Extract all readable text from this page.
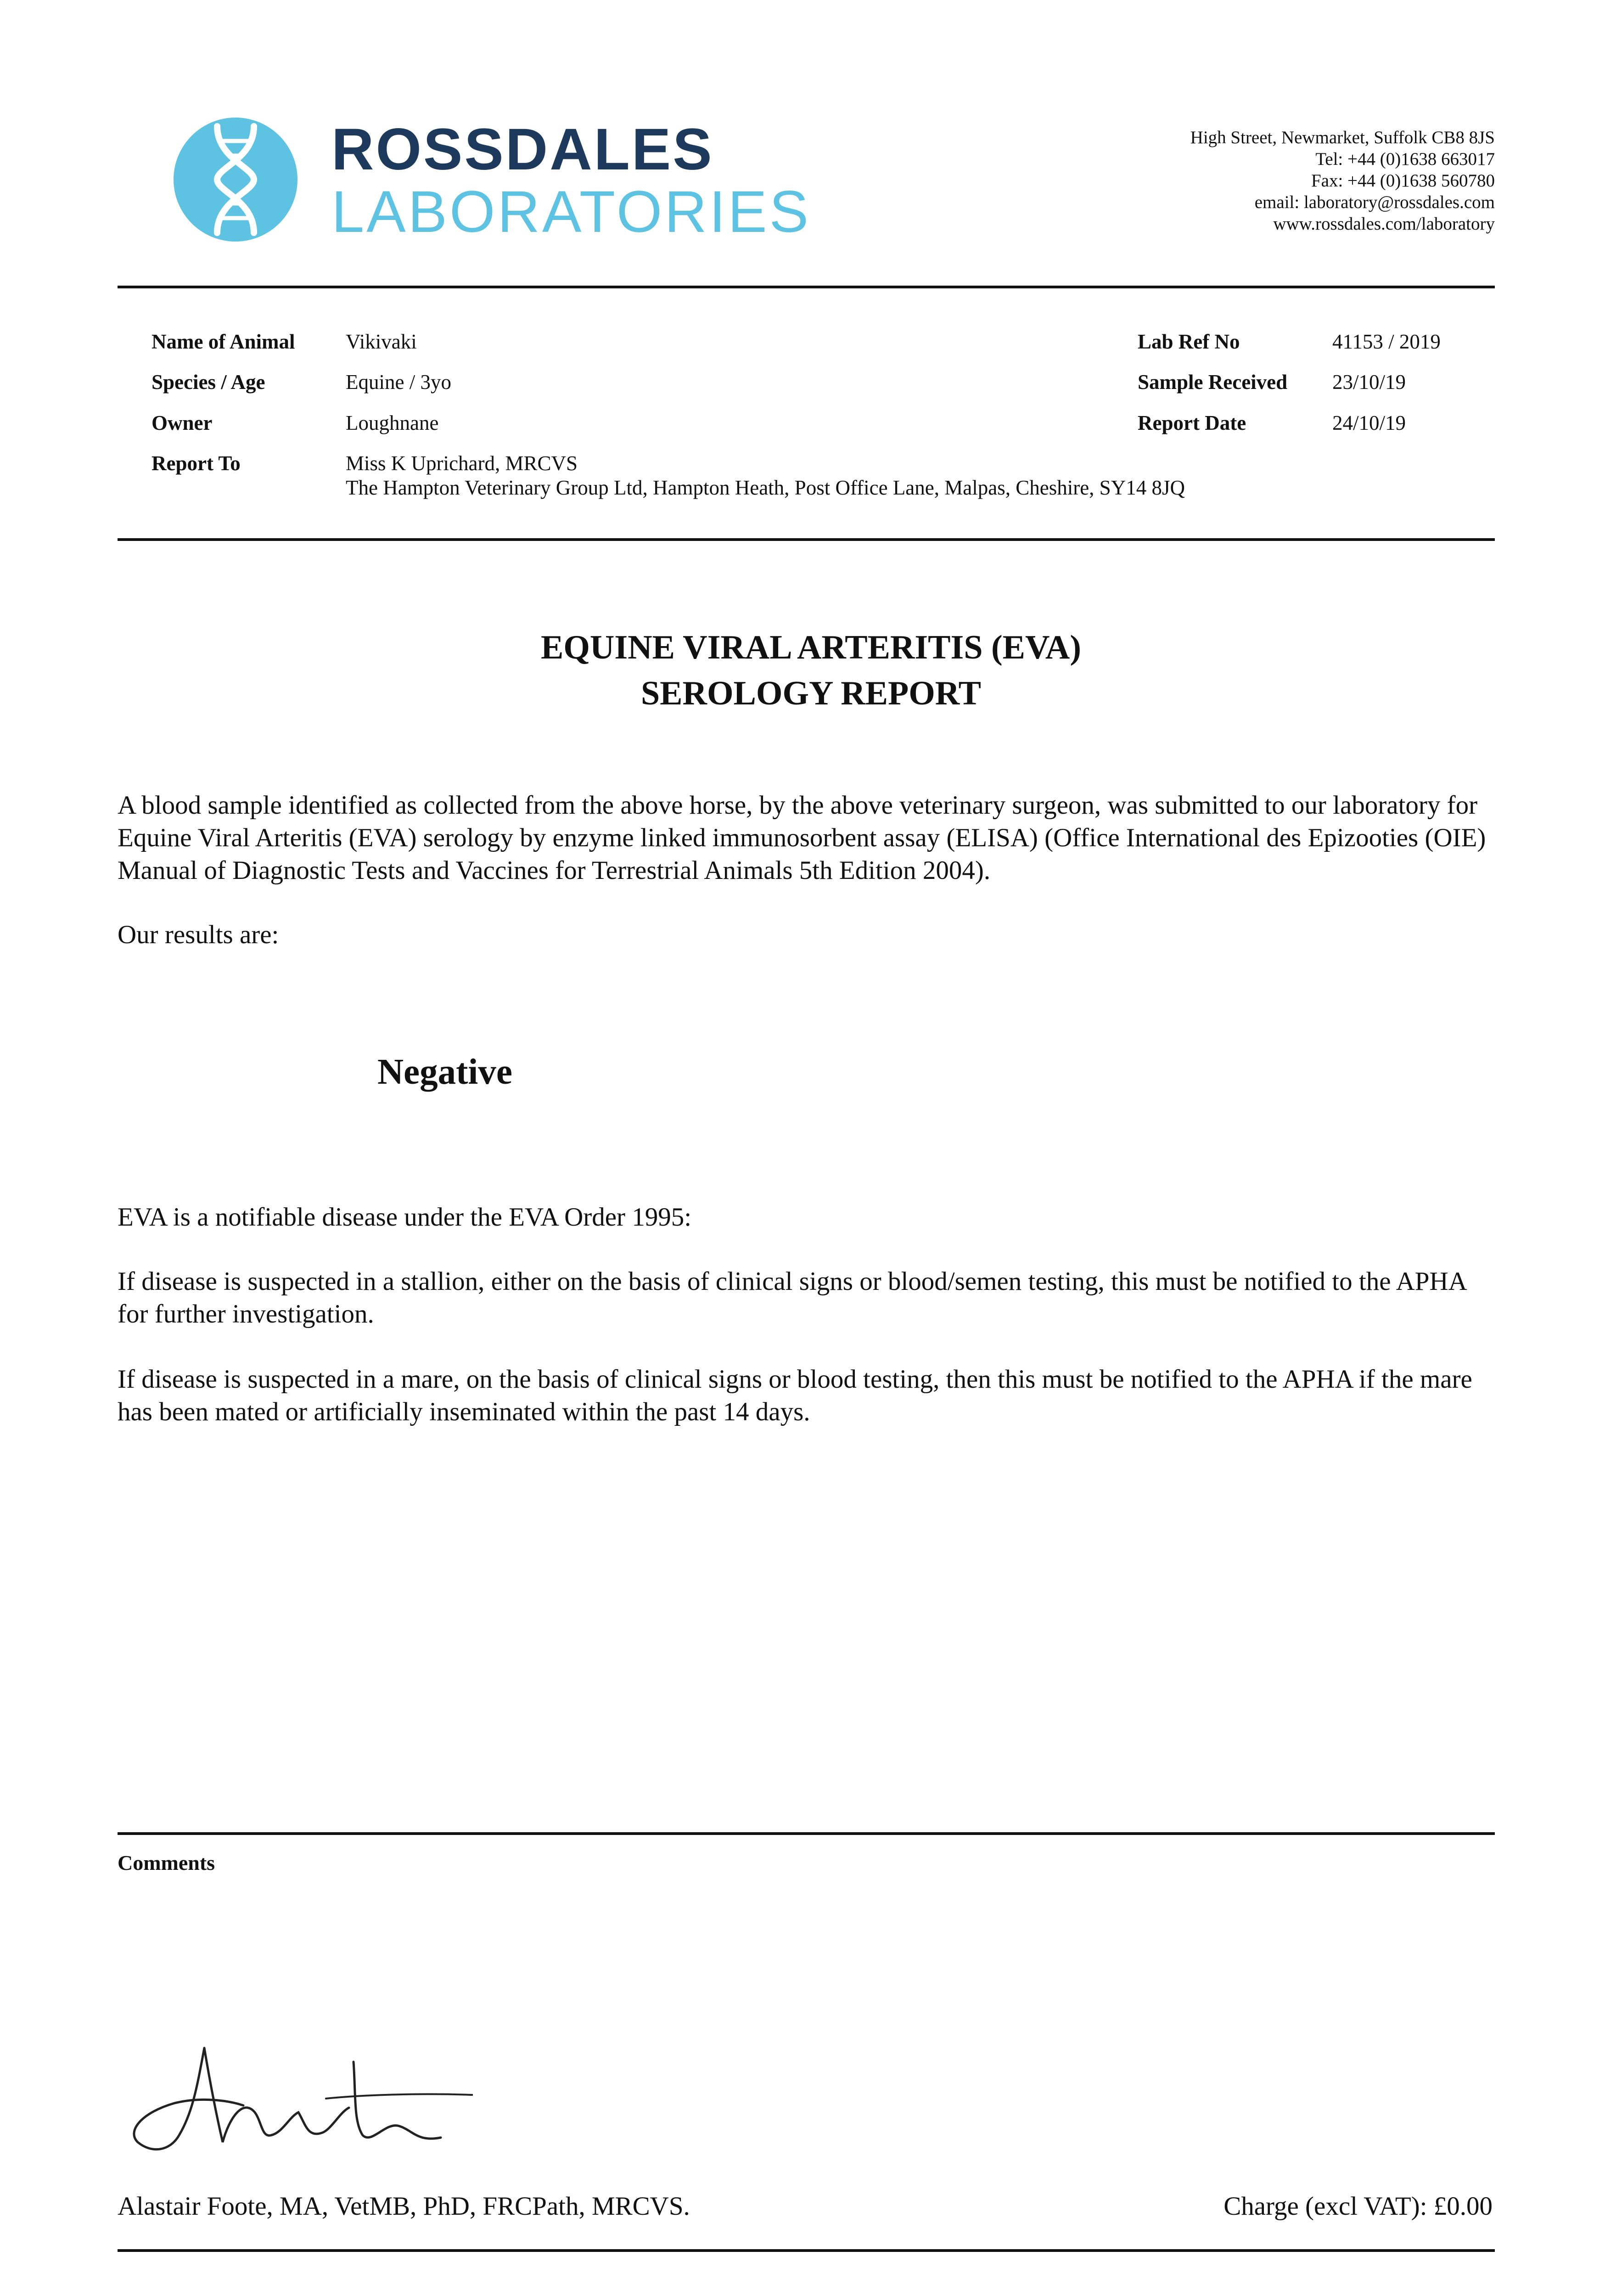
ROSSDALES
LABORATORIES
High Street, Newmarket, Suffolk CB8 8JS
Tel: +44 (0)1638 663017
Fax: +44 (0)1638 560780
email: laboratory@rossdales.com
www.rossdales.com/laboratory
Name of Animal Vikivaki
Species / Age	Equine / 3yo
Owner	Loughnane
Report To	Miss K Uprichard, MRCVS
The Hampton Veterinary Group Ltd, Hampton Heath, Post Office Lane, Malpas, Cheshire, SY14 8JQ
Lab Ref No	41153 / 2019
Sample Received 23/10/19
Report Date	24/10/19
EQUINE VIRAL ARTERITIS (EVA)
SEROLOGY REPORT
A blood sample identified as collected from the above horse, by the above veterinary surgeon, was submitted to our laboratory for Equine Viral Arteritis (EVA) serology by enzyme linked immunosorbent assay (ELISA) (Office International des Epizooties (OIE) Manual of Diagnostic Tests and Vaccines for Terrestrial Animals 5th Edition 2004).
Our results are:
Negative
EVA is a notifiable disease under the EVA Order 1995:
If disease is suspected in a stallion, either on the basis of clinical signs or blood/semen testing, this must be notified to the APHA for further investigation.
If disease is suspected in a mare, on the basis of clinical signs or blood testing, then this must be notified to the APHA if the mare has been mated or artificially inseminated within the past 14 days.
Comments
Alastair Foote, MA, VetMB, PhD, FRCPath, MRCVS.	Charge (excl VAT): £0.00
